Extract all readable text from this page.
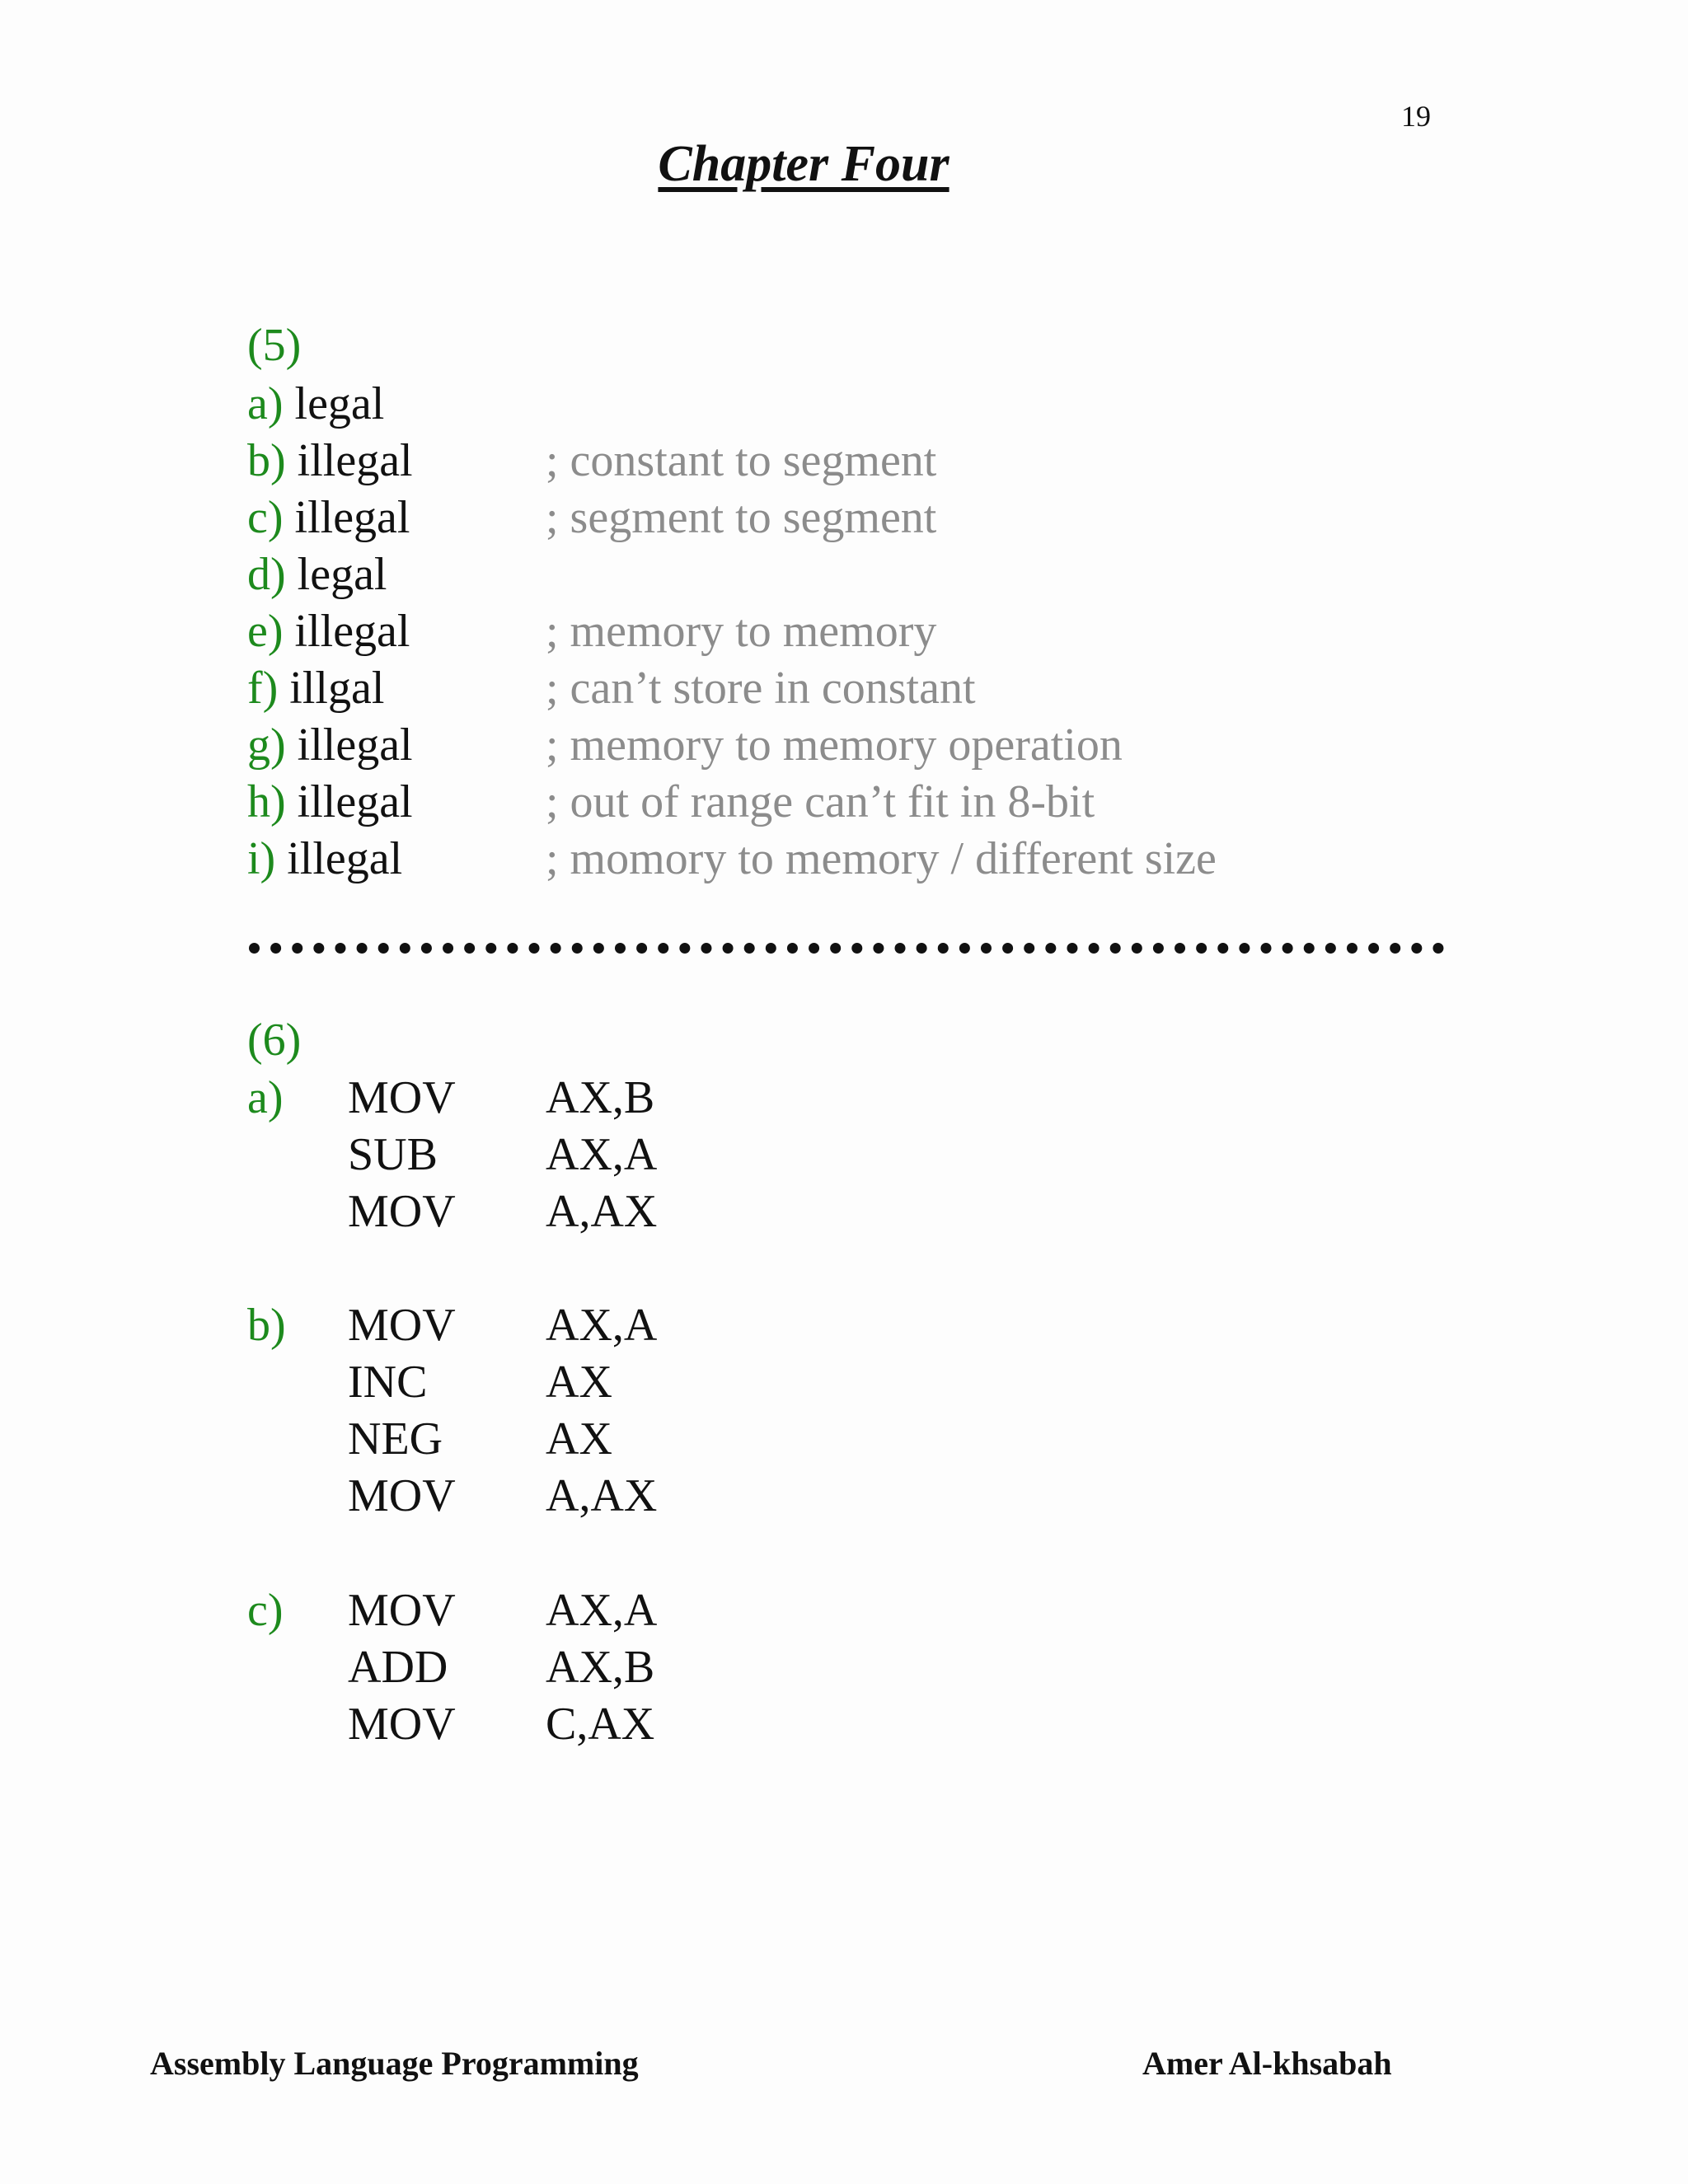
19
Chapter Four
(5)
a) legal
b) illegal	; constant to segment
c) illegal	; segment to segment
d) legal
e) illegal	; memory to memory
f) illgal	; can’t store in constant
g) illegal	; memory to memory operation
h) illegal	; out of range can’t fit in 8-bit
i) illegal	; momory to memory / different size
(6)
a) MOV AX,B
SUB AX,A
MOV A,AX
b) MOV AX,A
INC	AX
NEG AX
MOV A,AX
c) MOV AX,A
ADD AX,B
MOV C,AX
Assembly Language Programming	Amer Al-khsabah
